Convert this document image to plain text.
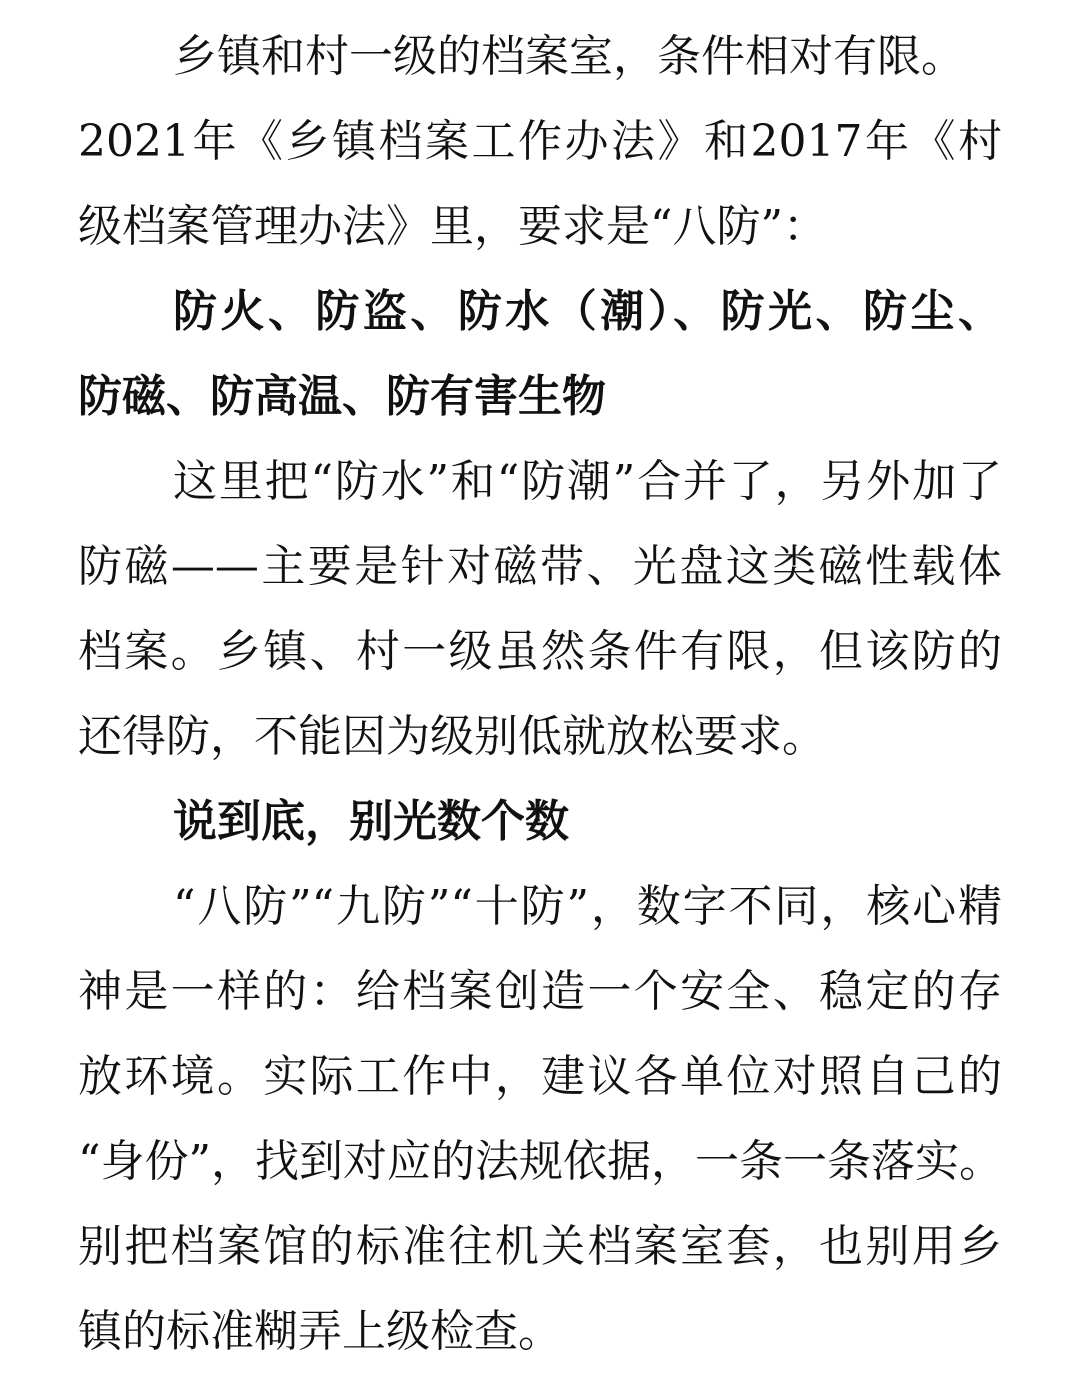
乡镇和村一级的档案室，条件相对有限。
2021年《乡镇档案工作办法》和2017年《村
级档案管理办法》里，要求是“八防”：
防火、防盗、防水（潮）、防光、防尘、
防磁、防高温、防有害生物
这里把“防水”和“防潮”合并了，另外加了
防磁——主要是针对磁带、光盘这类磁性载体
档案。乡镇、村一级虽然条件有限，但该防的
还得防，不能因为级别低就放松要求。
说到底，别光数个数
“八防”“九防”“十防”，数字不同，核心精
神是一样的：给档案创造一个安全、稳定的存
放环境。实际工作中，建议各单位对照自己的
“身份”，找到对应的法规依据，一条一条落实。
别把档案馆的标准往机关档案室套，也别用乡
镇的标准糊弄上级检查。
